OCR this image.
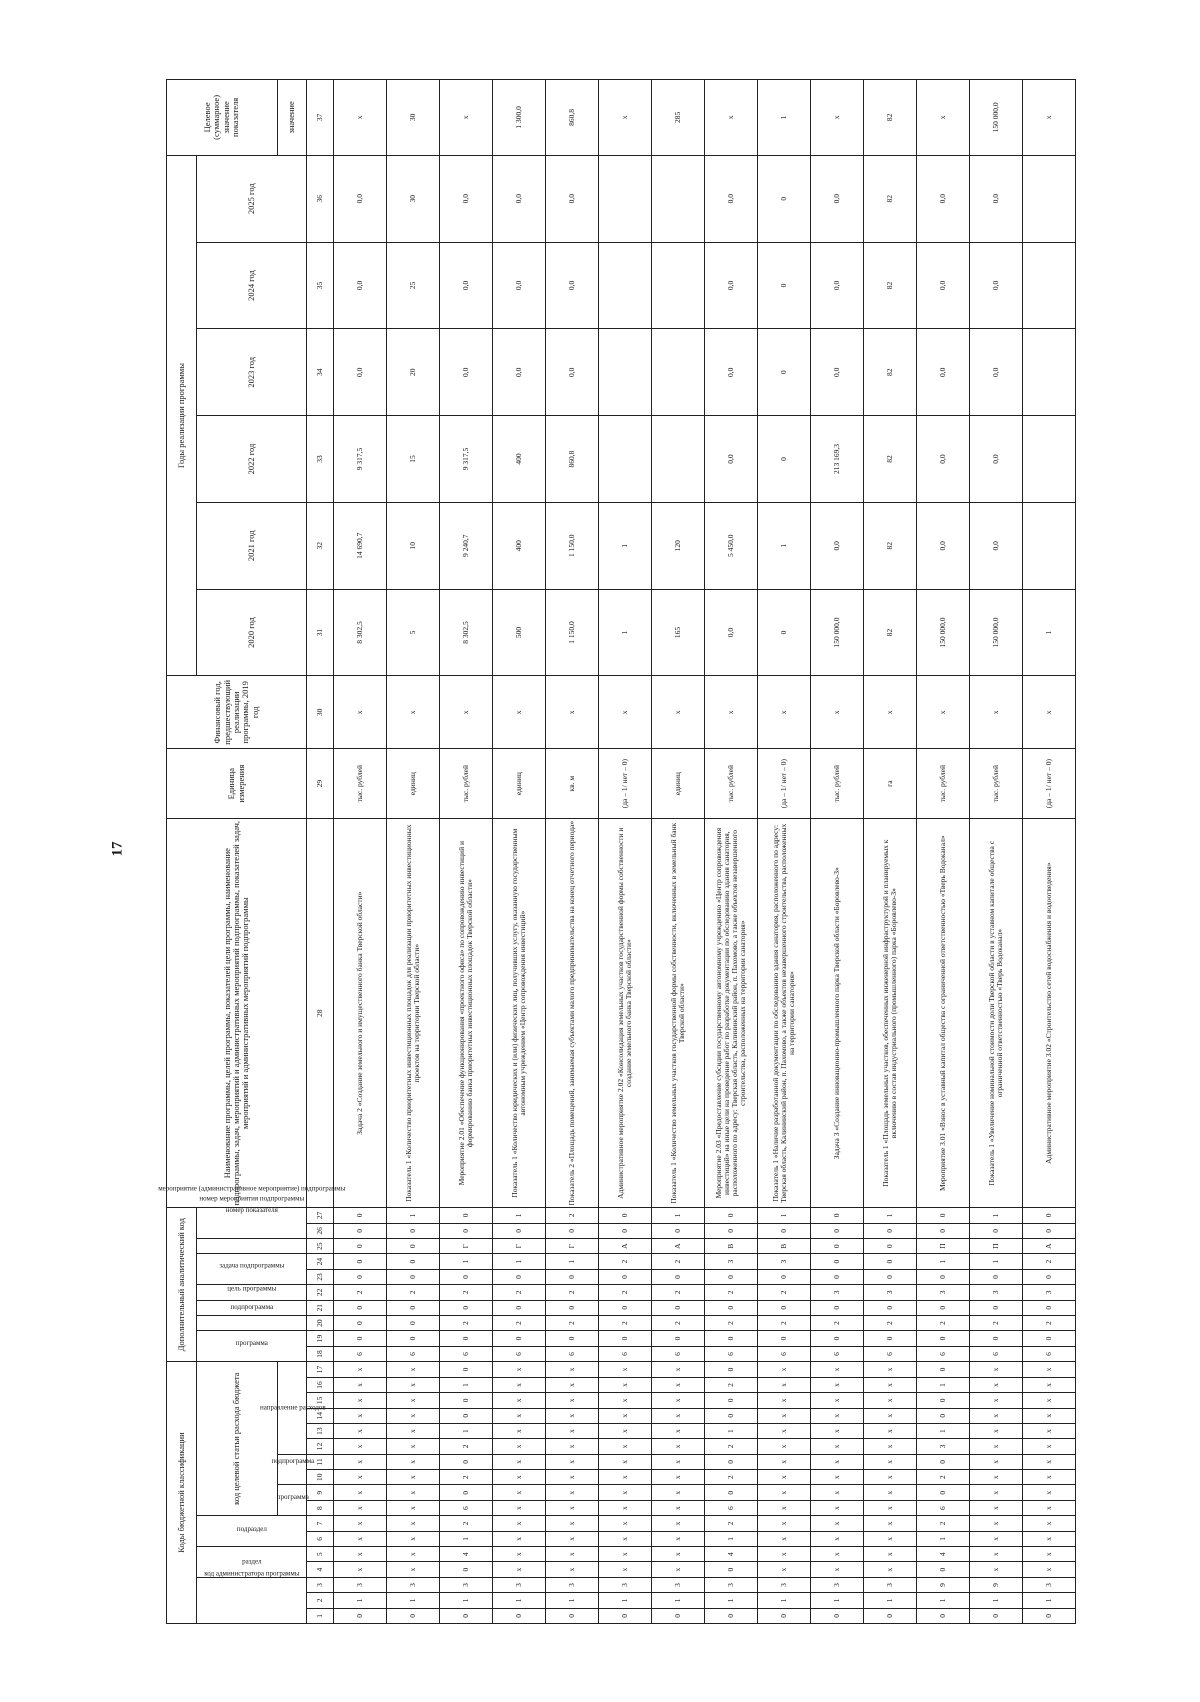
17
Коды бюджетной классификации																	Дополнительный аналитический код										Наименование программы, целей программы, показателей цели программы, наименование подпрограммы, задач, мероприятий и административных мероприятий подпрограммы, показателей задач, мероприятий и административных мероприятий подпрограммы	Единица измерения	Финансовый год, предшествующий реализации программы, 2019 год	Годы реализации программы						Целевое (суммарное) значение показателя
код администратора программы			раздел		подраздел		код целевой статьи расхода бюджета										программа		подпрограмма	цель программы	задача подпрограммы	мероприятие (административное мероприятие) подпрограммы		номер мероприятия подпрограммы	номер показателя					2020 год	2021 год	2022 год	2023 год	2024 год	2025 год	
							программа		подпрограмма		направление расходов																									значение
1	2	3	4	5	6	7	8	9	10	11	12	13	14	15	16	17	18	19	20	21	22	23	24	25	26	27	28	29	30	31	32	33	34	35	36	37
0	1	3	х	х	х	х	х	х	х	х	х	х	х	х	х	х	6	0	0	0	2	0	0	0	0	0	Задача 2 «Создание земельного и имущественного банка Тверской области»	тыс. рублей	х	8 302,5	14 690,7	9 317,5	0,0	0,0	0,0	х
0	1	3	х	х	х	х	х	х	х	х	х	х	х	х	х	х	6	0	0	0	2	0	0	0	0	1	Показатель 1 «Количество приоритетных инвестиционных площадок для реализации приоритетных инвестиционных проектов на территории Тверской области»	единиц	х	5	10	15	20	25	30	30
0	1	3	0	4	1	2	6	0	2	0	2	1	0	0	1	0	6	0	2	0	2	0	1	Г	0	0	Мероприятие 2.01 «Обеспечение функционирования «проектного офиса» по сопровождению инвестиций и формированию банка приоритетных инвестиционных площадок Тверской области»	тыс. рублей	х	8 302,5	9 240,7	9 317,5	0,0	0,0	0,0	х
0	1	3	х	х	х	х	х	х	х	х	х	х	х	х	х	х	6	0	2	0	2	0	1	Г	0	1	Показатель 1 «Количество юридических и (или) физических лиц, получивших услугу, оказанную государственным автономным учреждением «Центр сопровождения инвестиций»	единиц	х	500	400	400	0,0	0,0	0,0	1 300,0
0	1	3	х	х	х	х	х	х	х	х	х	х	х	х	х	х	6	0	2	0	2	0	1	Г	0	2	Показатель 2 «Площадь помещений, занимаемая субъектами малого предпринимательства на конец отчетного периода»	кв. м	х	1 150,0	1 150,0	860,8	0,0	0,0	0,0	860,8
0	1	3	х	х	х	х	х	х	х	х	х	х	х	х	х	х	6	0	2	0	2	0	2	А	0	0	Административное мероприятие 2.02 «Консолидация земельных участков государственной формы собственности и создание земельного банка Тверской области»	(да – 1/ нет – 0)	х	1	1					х
0	1	3	х	х	х	х	х	х	х	х	х	х	х	х	х	х	6	0	2	0	2	0	2	А	0	1	Показатель 1 «Количество земельных участков государственной формы собственности, включенных в земельный банк Тверской области»	единиц	х	165	120					285
0	1	3	0	4	1	2	6	0	2	0	2	1	0	0	2	0	6	0	2	0	2	0	3	В	0	0	Мероприятие 2.03 «Предоставление субсидии государственному автономному учреждению «Центр сопровождения инвестиций» на иные цели на проведение работ по разработке документации по обследованию здания санатория, расположенного по адресу: Тверская область, Калининский район, п. Пахомово, а также объектов незавершенного строительства, расположенных на территории санатория»	тыс. рублей	х	0,0	5 450,0	0,0	0,0	0,0	0,0	х
0	1	3	х	х	х	х	х	х	х	х	х	х	х	х	х	х	6	0	2	0	2	0	3	В	0	1	Показатель 1 «Наличие разработанной документации по обследованию здания санатория, расположенного по адресу: Тверская область, Калининский район, п. Пахомово, а также объектов незавершенного строительства, расположенных на территории санатория»	(да – 1/ нет – 0)	х	0	1	0	0	0	0	1
0	1	3	х	х	х	х	х	х	х	х	х	х	х	х	х	х	6	0	2	0	3	0	0	0	0	0	Задача 3 «Создание инновационно-промышленного парка Тверской области «Боровлево-3»	тыс. рублей	х	150 000,0	0,0	213 169,3	0,0	0,0	0,0	х
0	1	3	х	х	х	х	х	х	х	х	х	х	х	х	х	х	6	0	2	0	3	0	0	0	0	1	Показатель 1 «Площадь земельных участков, обеспеченных инженерной инфраструктурой и планируемых к включению в состав индустриального (промышленного) парка «Боровлево-3»	га	х	82	82	82	82	82	82	82
0	1	9	0	4	1	2	6	0	2	0	3	1	0	0	1	0	6	0	2	0	3	0	1	П	0	0	Мероприятие 3.01 «Взнос в уставный капитал общества с ограниченной ответственностью «Тверь Водоканал»	тыс. рублей	х	150 000,0	0,0	0,0	0,0	0,0	0,0	х
0	1	9	х	х	х	х	х	х	х	х	х	х	х	х	х	х	6	0	2	0	3	0	1	П	0	1	Показатель 1 «Увеличение номинальной стоимости доли Тверской области в уставном капитале общества с ограниченной ответственностью «Тверь Водоканал»	тыс. рублей	х	150 000,0	0,0	0,0	0,0	0,0	0,0	150 000,0
0	1	3	х	х	х	х	х	х	х	х	х	х	х	х	х	х	6	0	2	0	3	0	2	А	0	0	Административное мероприятие 3.02 «Строительство сетей водоснабжения и водоотведения»	(да – 1/ нет – 0)	х	1						х
